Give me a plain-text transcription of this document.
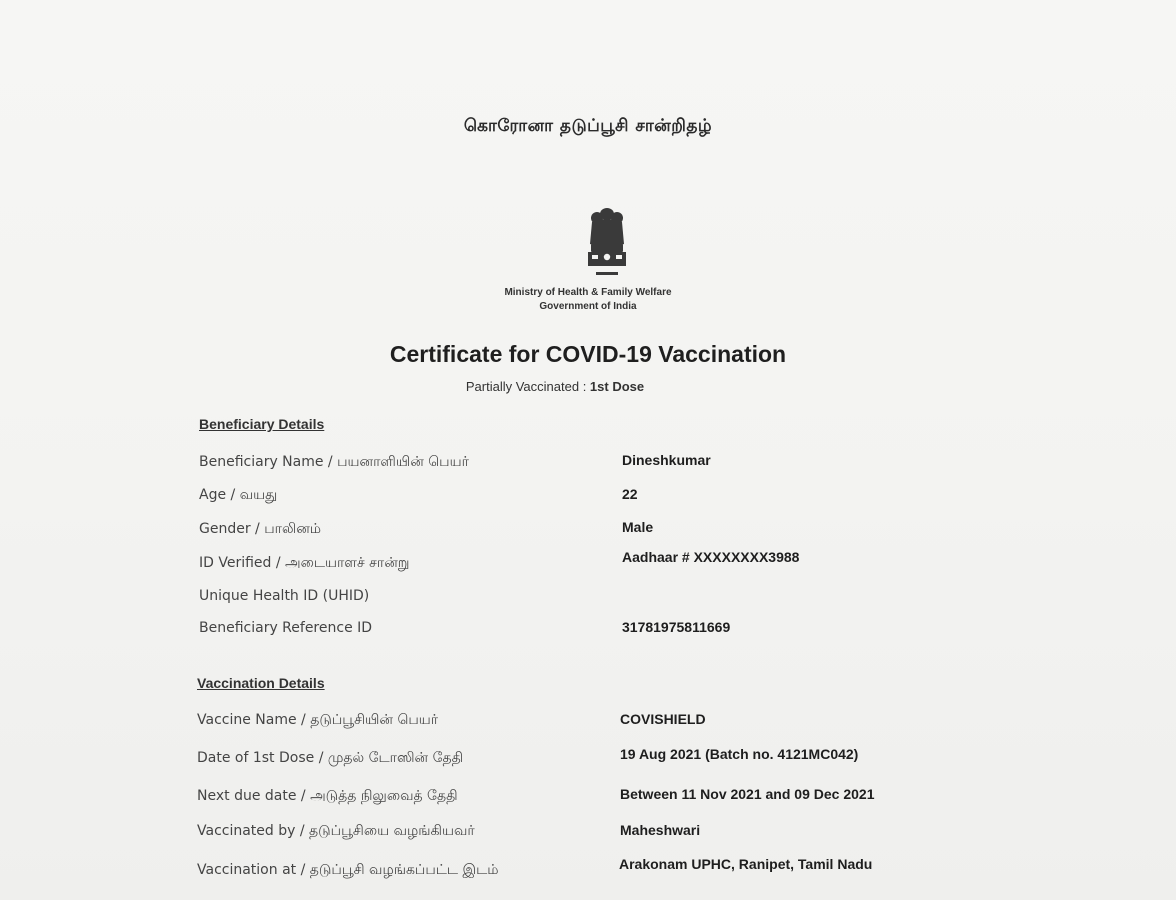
கொரோனா தடுப்பூசி சான்றிதழ்
Ministry of Health & Family Welfare
Government of India
Certificate for COVID-19 Vaccination
Partially Vaccinated : 1st Dose
Beneficiary Details
Beneficiary Name / பயனாளியின் பெயர்	Dineshkumar
Age / வயது	22
Gender / பாலினம்	Male
ID Verified / அடையாளச் சான்று	Aadhaar # XXXXXXXX3988
Unique Health ID (UHID)
Beneficiary Reference ID	31781975811669
Vaccination Details
Vaccine Name / தடுப்பூசியின் பெயர்	COVISHIELD
Date of 1st Dose / முதல் டோஸின் தேதி	19 Aug 2021 (Batch no. 4121MC042)
Next due date / அடுத்த நிலுவைத் தேதி	Between 11 Nov 2021 and 09 Dec 2021
Vaccinated by / தடுப்பூசியை வழங்கியவர்	Maheshwari
Vaccination at / தடுப்பூசி வழங்கப்பட்ட இடம்	Arakonam UPHC, Ranipet, Tamil Nadu
